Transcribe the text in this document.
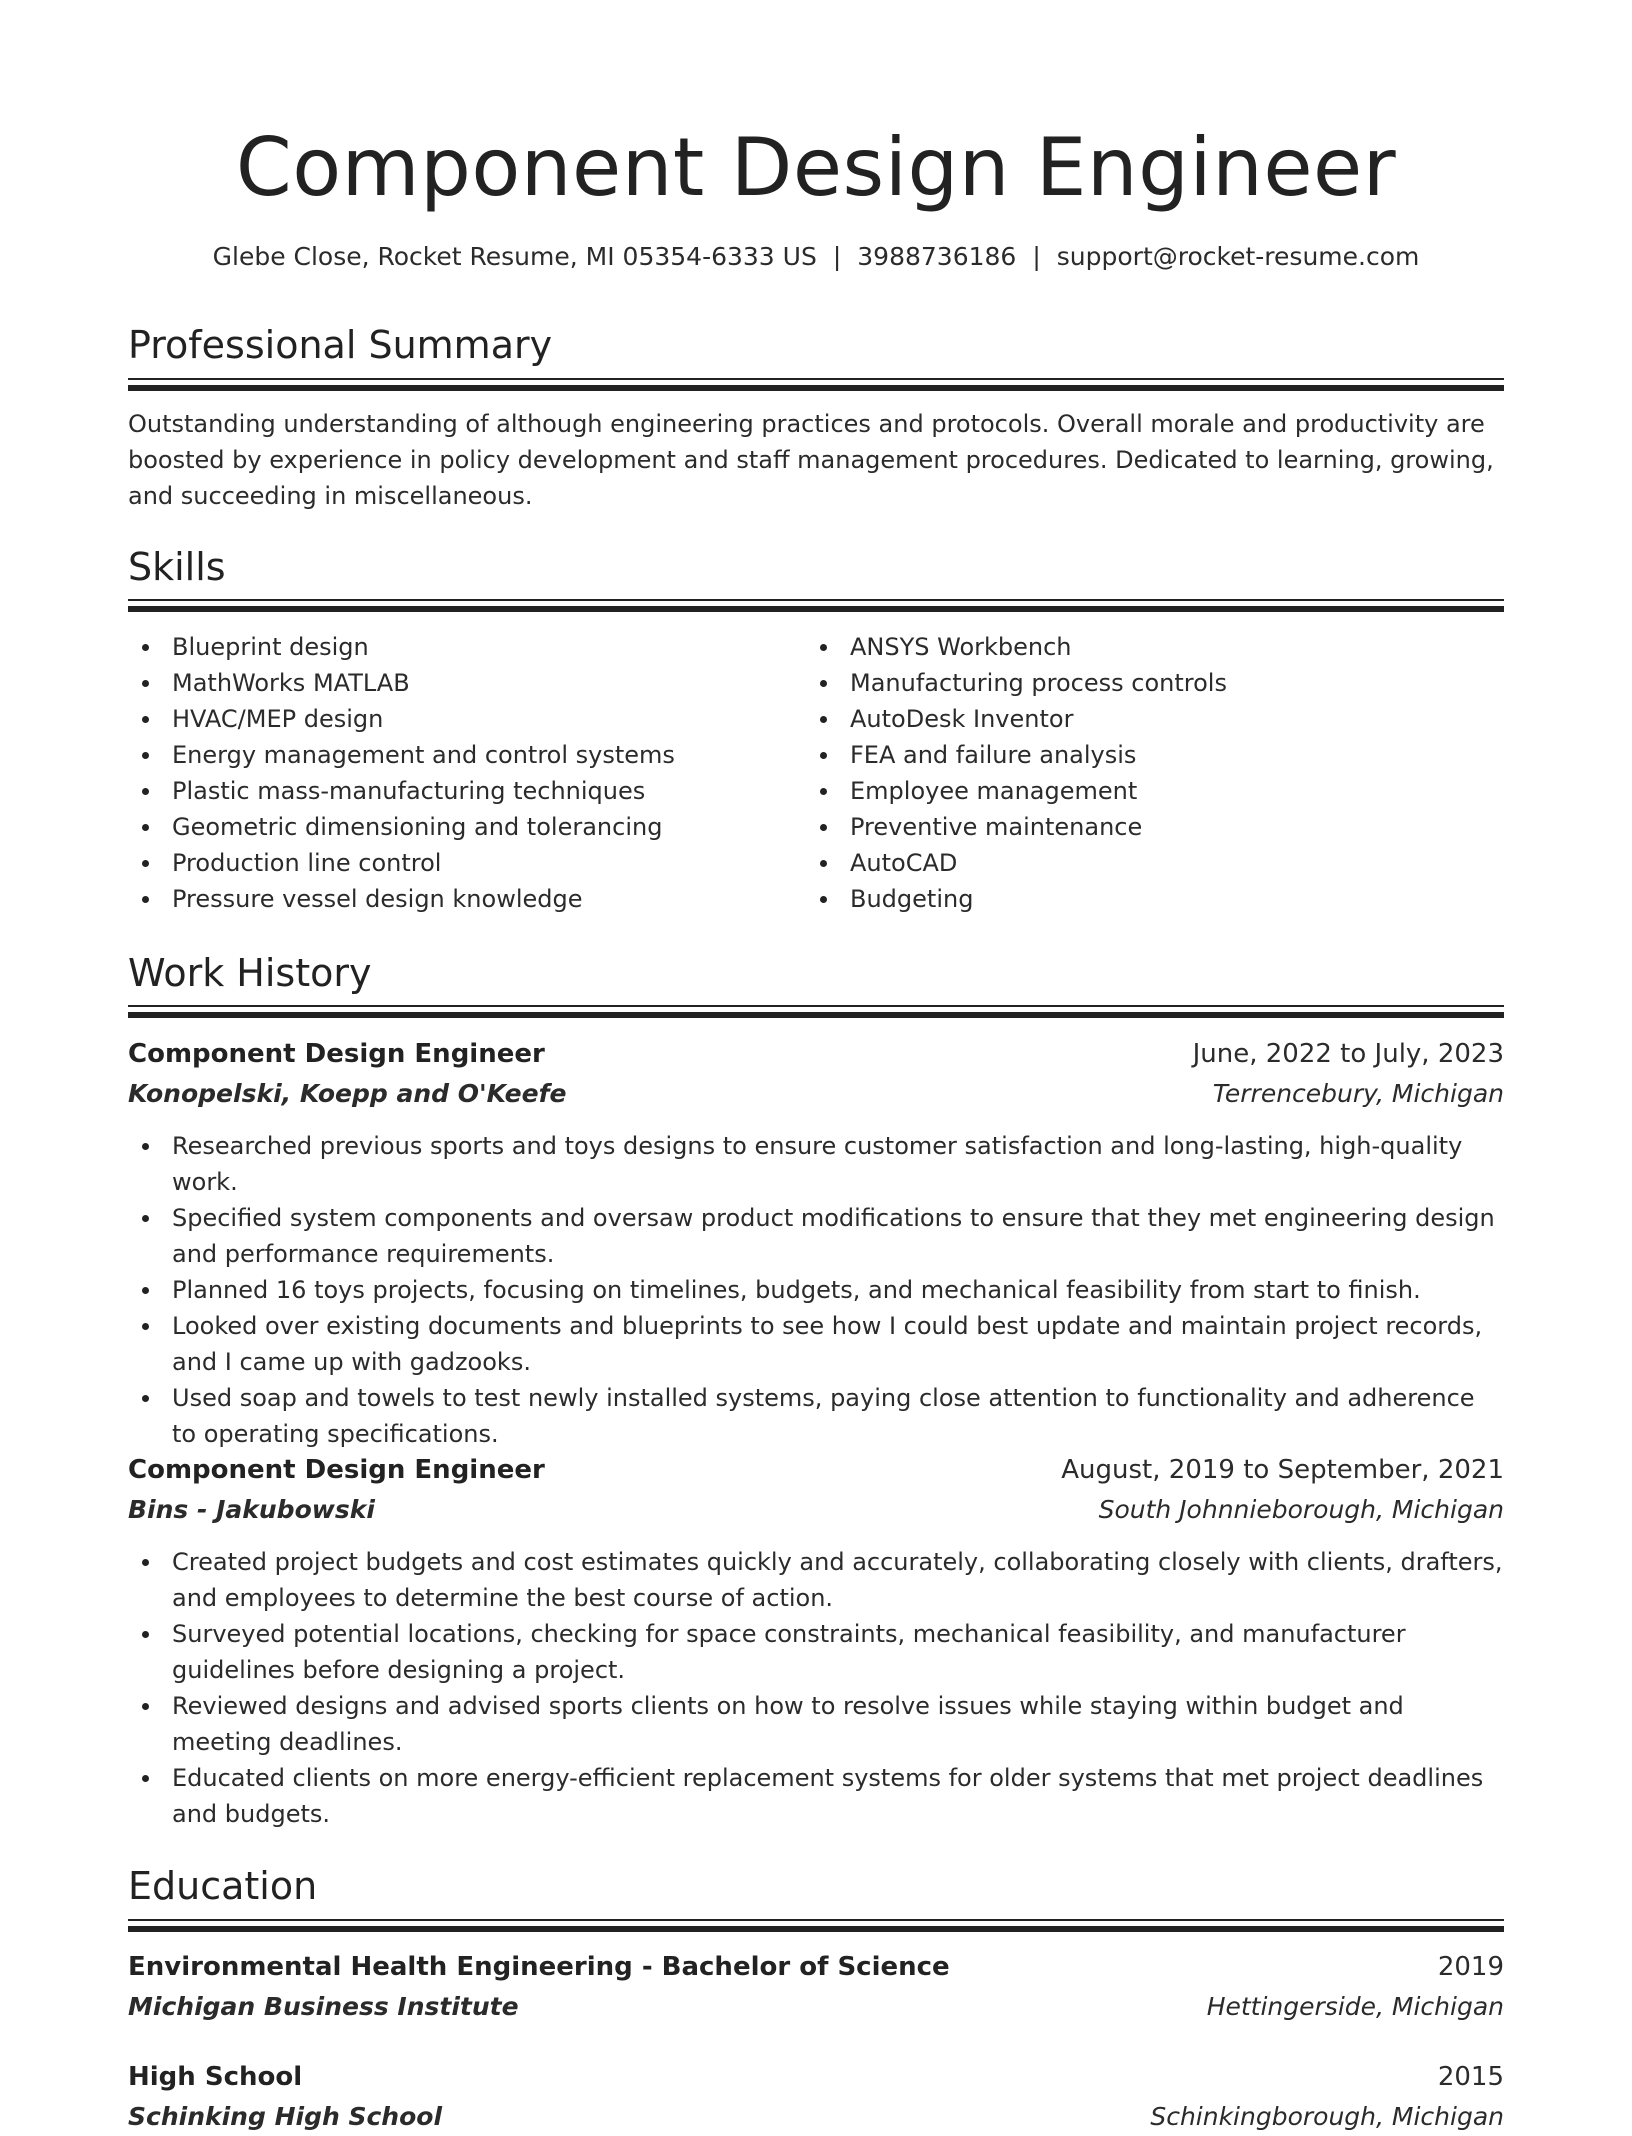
Component Design Engineer
Glebe Close, Rocket Resume, MI 05354-6333 US | 3988736186 | support@rocket-resume.com
Professional Summary

Outstanding understanding of although engineering practices and protocols. Overall morale and productivity are boosted by experience in policy development and staff management procedures. Dedicated to learning, growing, and succeeding in miscellaneous.

Skills
Blueprint design
MathWorks MATLAB
HVAC/MEP design
Energy management and control systems
Plastic mass-manufacturing techniques
Geometric dimensioning and tolerancing
Production line control
Pressure vessel design knowledge
ANSYS Workbench
Manufacturing process controls
AutoDesk Inventor
FEA and failure analysis
Employee management
Preventive maintenance
AutoCAD
Budgeting
Work History
Component Design Engineer	June, 2022 to July, 2023
Konopelski, Koepp and O'Keefe	Terrencebury, Michigan
Researched previous sports and toys designs to ensure customer satisfaction and long-lasting, high-quality work.
Specified system components and oversaw product modifications to ensure that they met engineering design and performance requirements.
Planned 16 toys projects, focusing on timelines, budgets, and mechanical feasibility from start to finish.
Looked over existing documents and blueprints to see how I could best update and maintain project records, and I came up with gadzooks.
Used soap and towels to test newly installed systems, paying close attention to functionality and adherence to operating specifications.
Component Design Engineer	August, 2019 to September, 2021
Bins - Jakubowski	South Johnnieborough, Michigan
Created project budgets and cost estimates quickly and accurately, collaborating closely with clients, drafters, and employees to determine the best course of action.
Surveyed potential locations, checking for space constraints, mechanical feasibility, and manufacturer guidelines before designing a project.
Reviewed designs and advised sports clients on how to resolve issues while staying within budget and meeting deadlines.
Educated clients on more energy-efficient replacement systems for older systems that met project deadlines and budgets.
Education
Environmental Health Engineering - Bachelor of Science	2019
Michigan Business Institute	Hettingerside, Michigan
High School	2015
Schinking High School	Schinkingborough, Michigan
